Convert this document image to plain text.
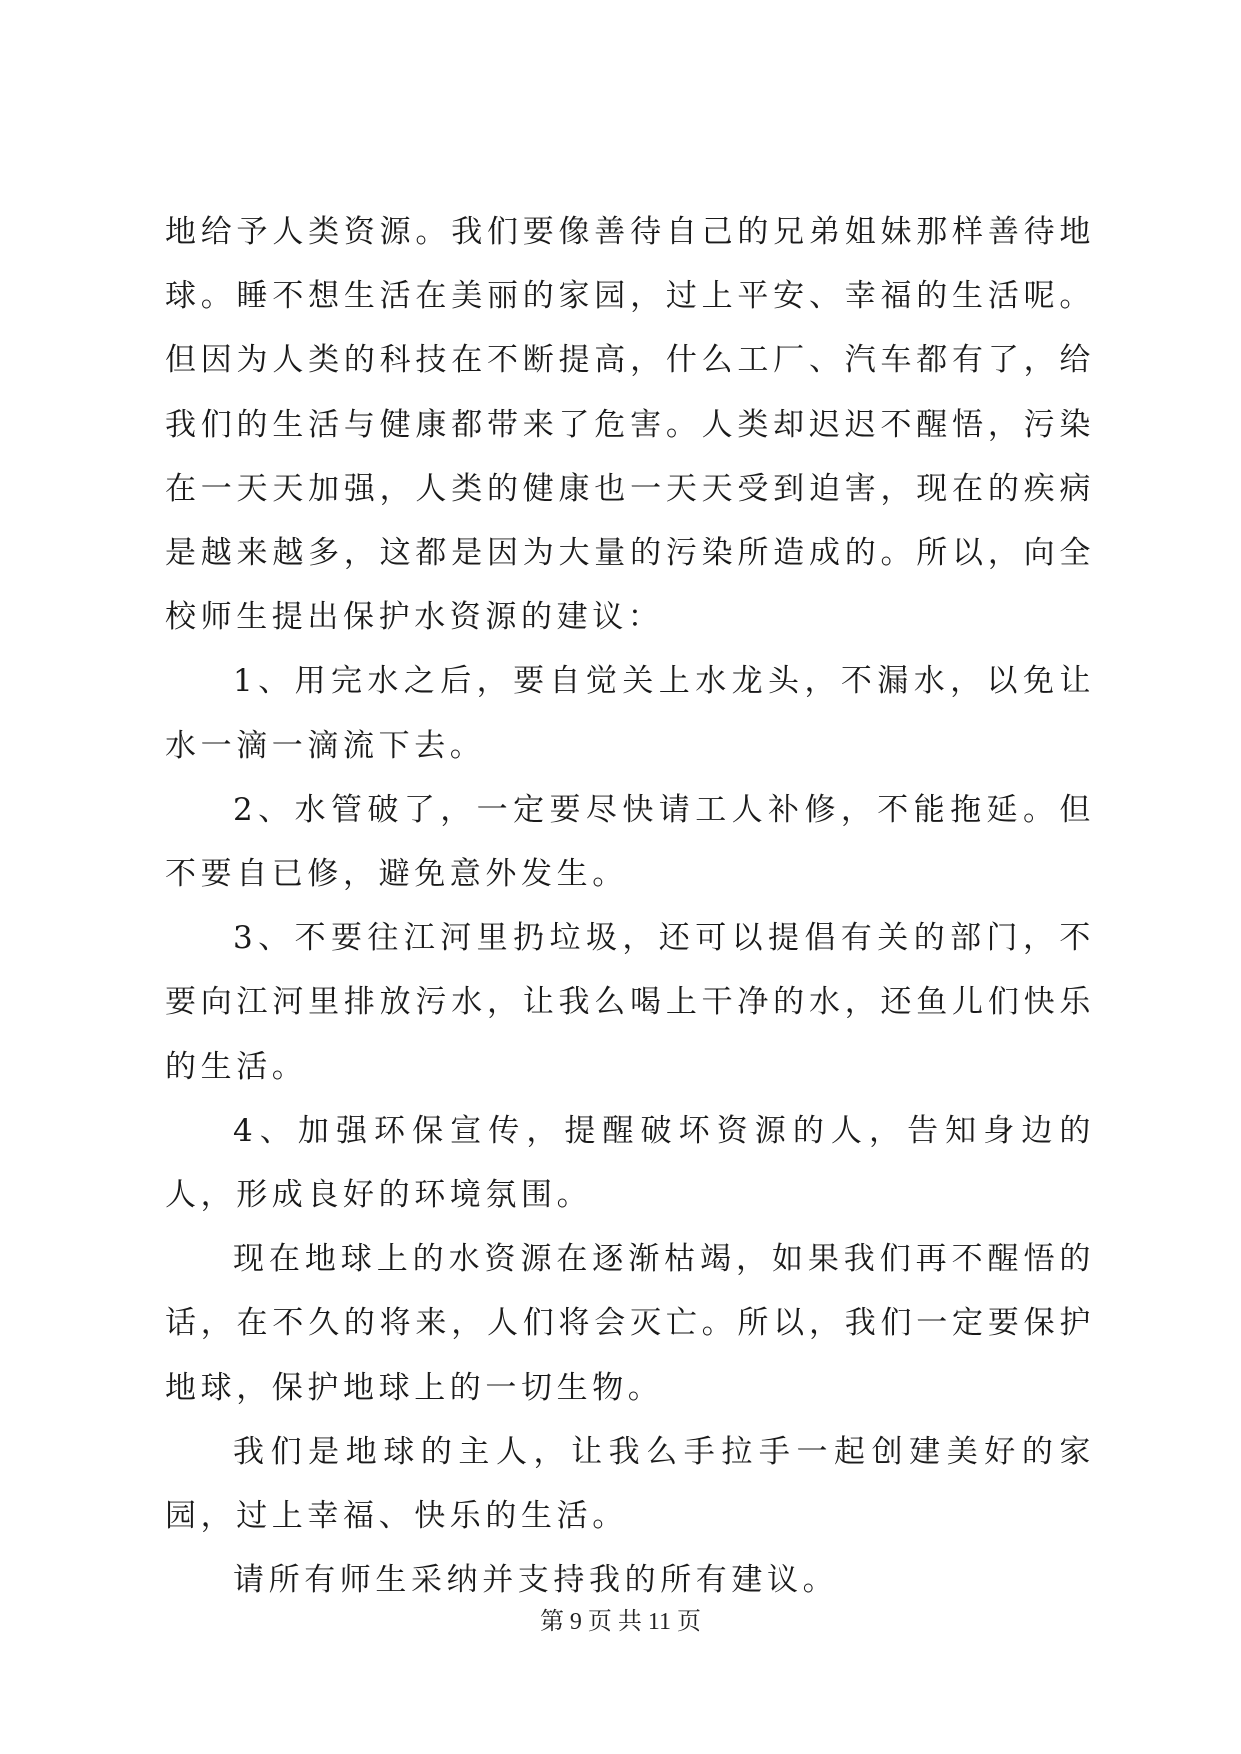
地给予人类资源。我们要像善待自己的兄弟姐妹那样善待地球。睡不想生活在美丽的家园，过上平安、幸福的生活呢。但因为人类的科技在不断提高，什么工厂、汽车都有了，给我们的生活与健康都带来了危害。人类却迟迟不醒悟，污染在一天天加强，人类的健康也一天天受到迫害，现在的疾病是越来越多，这都是因为大量的污染所造成的。所以，向全校师生提出保护水资源的建议：

1、用完水之后，要自觉关上水龙头，不漏水，以免让水一滴一滴流下去。

2、水管破了，一定要尽快请工人补修，不能拖延。但不要自已修，避免意外发生。

3、不要往江河里扔垃圾，还可以提倡有关的部门，不要向江河里排放污水，让我么喝上干净的水，还鱼儿们快乐的生活。

4、加强环保宣传，提醒破坏资源的人，告知身边的人，形成良好的环境氛围。

现在地球上的水资源在逐渐枯竭，如果我们再不醒悟的话，在不久的将来，人们将会灭亡。所以，我们一定要保护地球，保护地球上的一切生物。

我们是地球的主人，让我么手拉手一起创建美好的家园，过上幸福、快乐的生活。

请所有师生采纳并支持我的所有建议。

第 9 页 共 11 页
